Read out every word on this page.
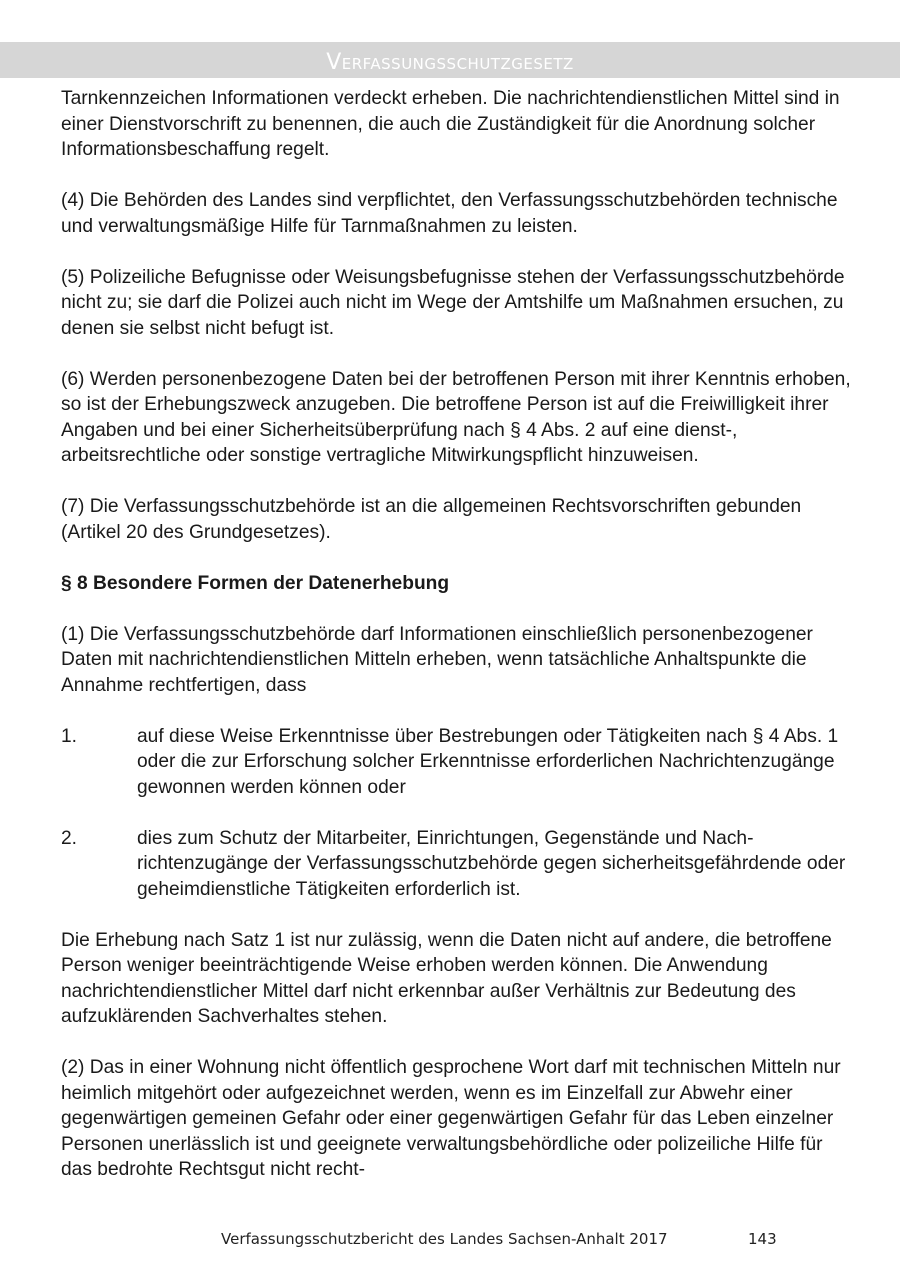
Verfassungsschutzgesetz

Tarnkennzeichen Informationen verdeckt erheben. Die nachrichtendienstlichen Mittel sind in einer Dienstvorschrift zu benennen, die auch die Zuständigkeit für die Anordnung solcher Informationsbeschaffung regelt.

(4) Die Behörden des Landes sind verpflichtet, den Verfassungsschutzbehörden technische und verwaltungsmäßige Hilfe für Tarnmaßnahmen zu leisten.

(5) Polizeiliche Befugnisse oder Weisungsbefugnisse stehen der Verfassungsschutzbehörde nicht zu; sie darf die Polizei auch nicht im Wege der Amtshilfe um Maßnahmen ersuchen, zu denen sie selbst nicht befugt ist.

(6) Werden personenbezogene Daten bei der betroffenen Person mit ihrer Kenntnis erhoben, so ist der Erhebungszweck anzugeben. Die betroffene Person ist auf die Freiwilligkeit ihrer Angaben und bei einer Sicherheitsüberprüfung nach § 4 Abs. 2 auf eine dienst-, arbeitsrechtliche oder sonstige vertragliche Mitwirkungspflicht hinzuweisen.

(7) Die Verfassungsschutzbehörde ist an die allgemeinen Rechtsvorschriften gebunden (Artikel 20 des Grundgesetzes).

§ 8 Besondere Formen der Datenerhebung

(1) Die Verfassungsschutzbehörde darf Informationen einschließlich personenbezogener Daten mit nachrichtendienstlichen Mitteln erheben, wenn tatsächliche Anhaltspunkte die Annahme rechtfertigen, dass

1.	auf diese Weise Erkenntnisse über Bestrebungen oder Tätigkeiten nach § 4 Abs. 1 oder die zur Erforschung solcher Erkenntnisse erforderlichen Nachrichtenzugänge gewonnen werden können oder
2.	dies zum Schutz der Mitarbeiter, Einrichtungen, Gegenstände und Nachrichtenzugänge der Verfassungsschutzbehörde gegen sicherheitsgefährdende oder geheimdienstliche Tätigkeiten erforderlich ist.

Die Erhebung nach Satz 1 ist nur zulässig, wenn die Daten nicht auf andere, die betroffene Person weniger beeinträchtigende Weise erhoben werden können. Die Anwendung nachrichtendienstlicher Mittel darf nicht erkennbar außer Verhältnis zur Bedeutung des aufzuklärenden Sachverhaltes stehen.

(2) Das in einer Wohnung nicht öffentlich gesprochene Wort darf mit technischen Mitteln nur heimlich mitgehört oder aufgezeichnet werden, wenn es im Einzelfall zur Abwehr einer gegenwärtigen gemeinen Gefahr oder einer gegenwärtigen Gefahr für das Leben einzelner Personen unerlässlich ist und geeignete verwaltungsbehördliche oder polizeiliche Hilfe für das bedrohte Rechtsgut nicht recht-

Verfassungsschutzbericht des Landes Sachsen-Anhalt 2017	143
